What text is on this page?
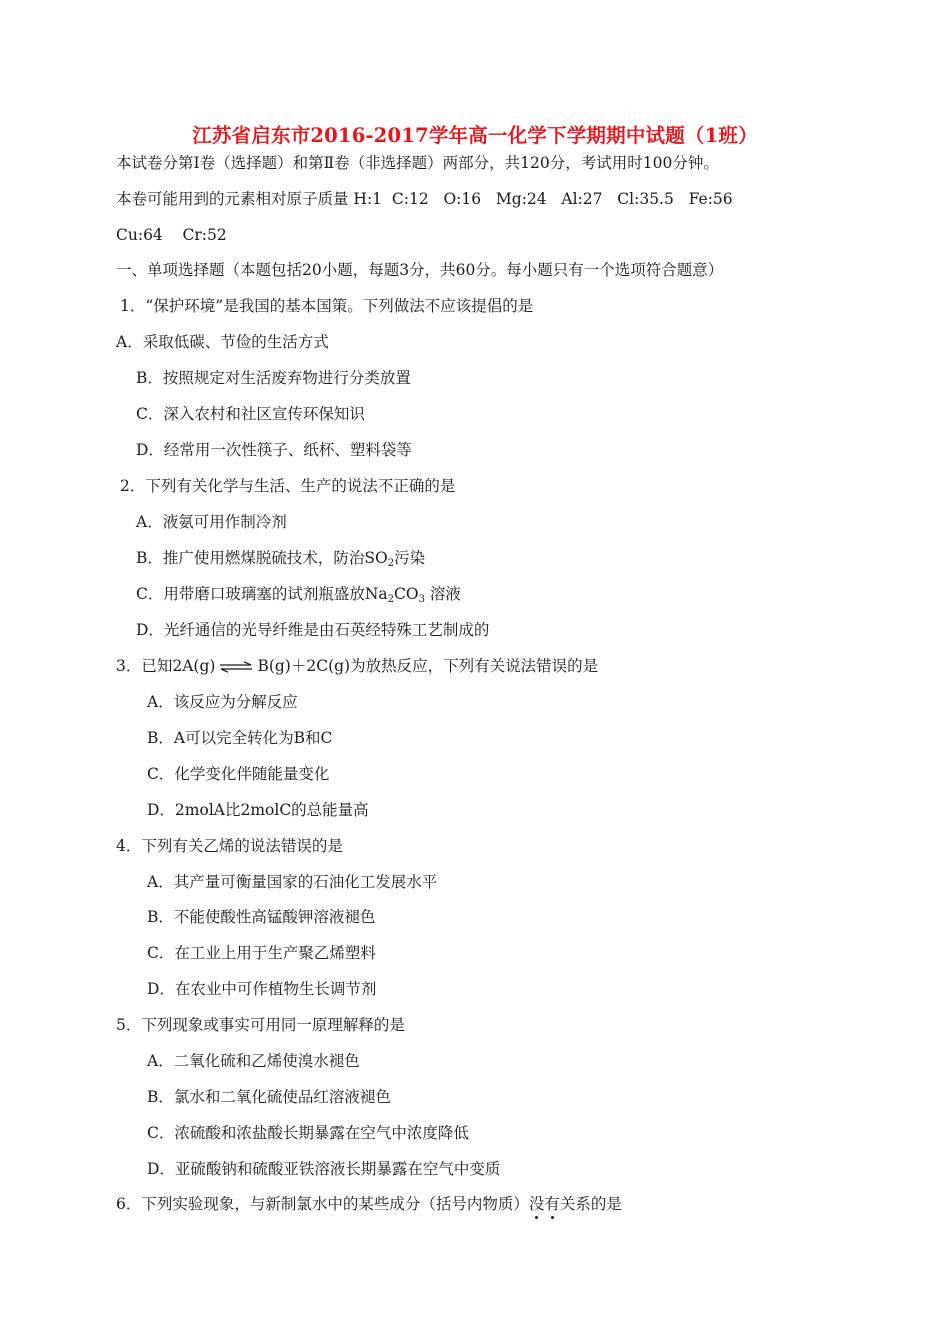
江苏省启东市2016-2017学年高一化学下学期期中试题（1班）
本试卷分第Ⅰ卷（选择题）和第Ⅱ卷（非选择题）两部分，共120分，考试用时100分钟。
本卷可能用到的元素相对原子质量 H:1  C:12   O:16   Mg:24   Al:27   Cl:35.5   Fe:56
Cu:64    Cr:52
一、单项选择题（本题包括20小题，每题3分，共60分。每小题只有一个选项符合题意）
1．“保护环境”是我国的基本国策。下列做法不应该提倡的是
A．采取低碳、节俭的生活方式
B．按照规定对生活废弃物进行分类放置
C．深入农村和社区宣传环保知识
D．经常用一次性筷子、纸杯、塑料袋等
2．下列有关化学与生活、生产的说法不正确的是
A．液氨可用作制冷剂
B．推广使用燃煤脱硫技术，防治$SO_2$污染
C．用带磨口玻璃塞的试剂瓶盛放$Na_2CO_3$ 溶液
D．光纤通信的光导纤维是由石英经特殊工艺制成的
3．已知2A(g) ⇌ B(g)＋2C(g)为放热反应，下列有关说法错误的是
A．该反应为分解反应
B．A可以完全转化为B和C
C．化学变化伴随能量变化
D．2molA比2molC的总能量高
4．下列有关乙烯的说法错误的是
A．其产量可衡量国家的石油化工发展水平
B．不能使酸性高锰酸钾溶液褪色
C．在工业上用于生产聚乙烯塑料
D．在农业中可作植物生长调节剂
5．下列现象或事实可用同一原理解释的是
A．二氧化硫和乙烯使溴水褪色
B．氯水和二氧化硫使品红溶液褪色
C．浓硫酸和浓盐酸长期暴露在空气中浓度降低
D．亚硫酸钠和硫酸亚铁溶液长期暴露在空气中变质
6．下列实验现象，与新制氯水中的某些成分（括号内物质）没有关系的是
